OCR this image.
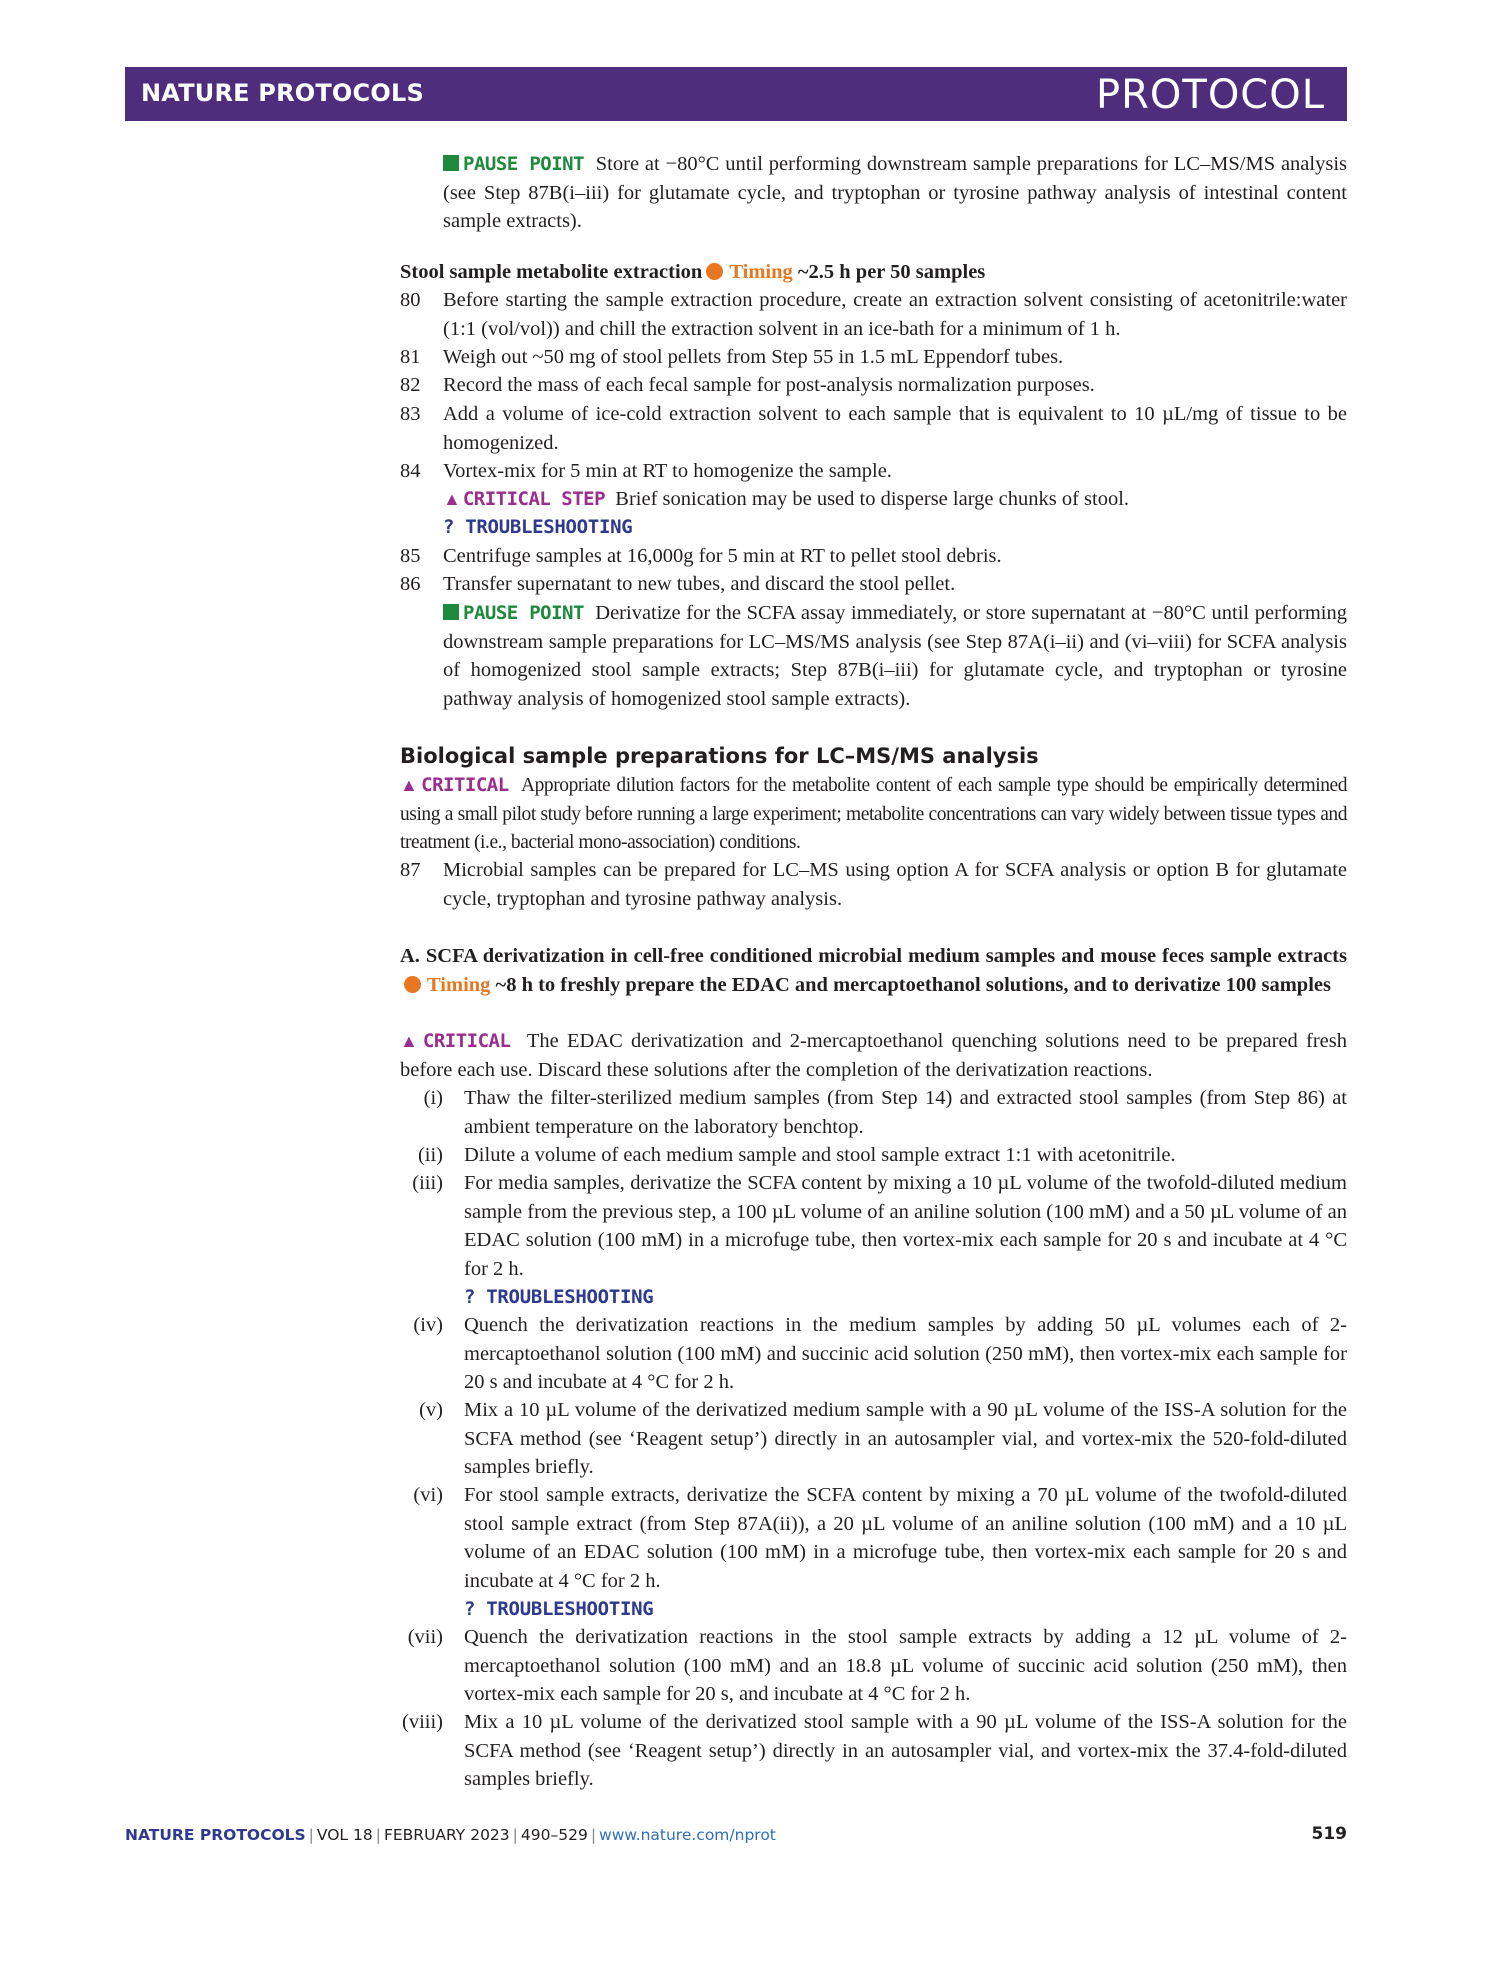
NATURE PROTOCOLS	PROTOCOL
PAUSE POINT Store at −80°C until performing downstream sample preparations for LC–MS/MS analysis (see Step 87B(i–iii) for glutamate cycle, and tryptophan or tyrosine pathway analysis of intestinal content sample extracts).
Stool sample metabolite extraction Timing ~2.5 h per 50 samples
80	Before starting the sample extraction procedure, create an extraction solvent consisting of acetonitrile:water (1:1 (vol/vol)) and chill the extraction solvent in an ice-bath for a minimum of 1 h.
81	Weigh out ~50 mg of stool pellets from Step 55 in 1.5 mL Eppendorf tubes.
82	Record the mass of each fecal sample for post-analysis normalization purposes.
83	Add a volume of ice-cold extraction solvent to each sample that is equivalent to 10 µL/mg of tissue to be homogenized.
84	Vortex-mix for 5 min at RT to homogenize the sample.
▲ CRITICAL STEP Brief sonication may be used to disperse large chunks of stool.
? TROUBLESHOOTING
85	Centrifuge samples at 16,000g for 5 min at RT to pellet stool debris.
86	Transfer supernatant to new tubes, and discard the stool pellet.
PAUSE POINT Derivatize for the SCFA assay immediately, or store supernatant at −80°C until performing downstream sample preparations for LC–MS/MS analysis (see Step 87A(i–ii) and (vi–viii) for SCFA analysis of homogenized stool sample extracts; Step 87B(i–iii) for glutamate cycle, and tryptophan or tyrosine pathway analysis of homogenized stool sample extracts).
Biological sample preparations for LC–MS/MS analysis
▲ CRITICAL Appropriate dilution factors for the metabolite content of each sample type should be empirically determined using a small pilot study before running a large experiment; metabolite concentrations can vary widely between tissue types and treatment (i.e., bacterial mono-association) conditions.
87	Microbial samples can be prepared for LC–MS using option A for SCFA analysis or option B for glutamate cycle, tryptophan and tyrosine pathway analysis.
A. SCFA derivatization in cell-free conditioned microbial medium samples and mouse feces sample extractsTiming ~8 h to freshly prepare the EDAC and mercaptoethanol solutions, and to derivatize 100 samples
▲ CRITICAL The EDAC derivatization and 2-mercaptoethanol quenching solutions need to be prepared fresh before each use. Discard these solutions after the completion of the derivatization reactions.
(i) Thaw the filter-sterilized medium samples (from Step 14) and extracted stool samples (from Step 86) at ambient temperature on the laboratory benchtop.
(ii) Dilute a volume of each medium sample and stool sample extract 1:1 with acetonitrile.
(iii) For media samples, derivatize the SCFA content by mixing a 10 µL volume of the twofold-diluted medium sample from the previous step, a 100 µL volume of an aniline solution (100 mM) and a 50 µL volume of an EDAC solution (100 mM) in a microfuge tube, then vortex-mix each sample for 20 s and incubate at 4 °C for 2 h.
? TROUBLESHOOTING
(iv) Quench the derivatization reactions in the medium samples by adding 50 µL volumes each of 2-mercaptoethanol solution (100 mM) and succinic acid solution (250 mM), then vortex-mix each sample for 20 s and incubate at 4 °C for 2 h.
(v) Mix a 10 µL volume of the derivatized medium sample with a 90 µL volume of the ISS-A solution for the SCFA method (see ‘Reagent setup’) directly in an autosampler vial, and vortex-mix the 520-fold-diluted samples briefly.
(vi) For stool sample extracts, derivatize the SCFA content by mixing a 70 µL volume of the twofold-diluted stool sample extract (from Step 87A(ii)), a 20 µL volume of an aniline solution (100 mM) and a 10 µL volume of an EDAC solution (100 mM) in a microfuge tube, then vortex-mix each sample for 20 s and incubate at 4 °C for 2 h.
? TROUBLESHOOTING
(vii) Quench the derivatization reactions in the stool sample extracts by adding a 12 µL volume of 2-mercaptoethanol solution (100 mM) and an 18.8 µL volume of succinic acid solution (250 mM), then vortex-mix each sample for 20 s, and incubate at 4 °C for 2 h.
(viii) Mix a 10 µL volume of the derivatized stool sample with a 90 µL volume of the ISS-A solution for the SCFA method (see ‘Reagent setup’) directly in an autosampler vial, and vortex-mix the 37.4-fold-diluted samples briefly.
NATURE PROTOCOLS | VOL 18 | FEBRUARY 2023 | 490–529 | www.nature.com/nprot	519
